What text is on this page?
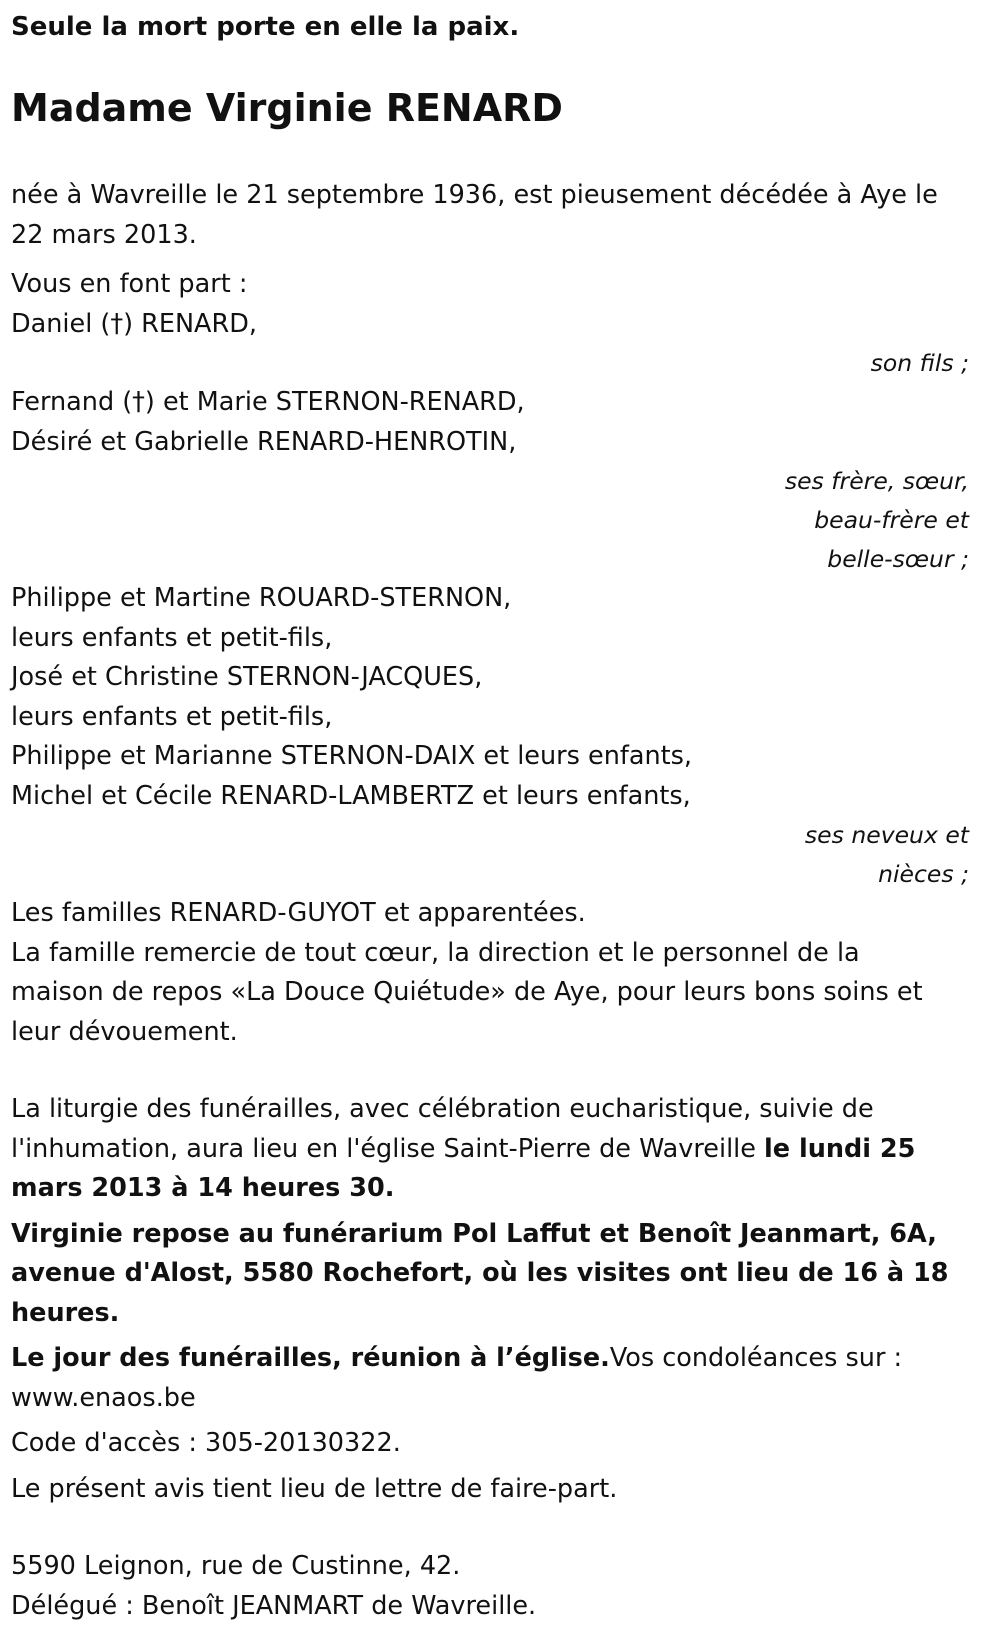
Seule la mort porte en elle la paix.

Madame Virginie RENARD
née à Wavreille le 21 septembre 1936, est pieusement décédée à Aye le
22 mars 2013.
Vous en font part :
Daniel (†) RENARD,
son fils ;
Fernand (†) et Marie STERNON-RENARD,
Désiré et Gabrielle RENARD-HENROTIN,
ses frère, sœur,
beau-frère et
belle-sœur ;
Philippe et Martine ROUARD-STERNON,
leurs enfants et petit-fils,
José et Christine STERNON-JACQUES,
leurs enfants et petit-fils,
Philippe et Marianne STERNON-DAIX et leurs enfants,
Michel et Cécile RENARD-LAMBERTZ et leurs enfants,
ses neveux et
nièces ;
Les familles RENARD-GUYOT et apparentées.
La famille remercie de tout cœur, la direction et le personnel de la
maison de repos «La Douce Quiétude» de Aye, pour leurs bons soins et
leur dévouement.
La liturgie des funérailles, avec célébration eucharistique, suivie de
l'inhumation, aura lieu en l'église Saint-Pierre de Wavreille le lundi 25
mars 2013 à 14 heures 30.
Virginie repose au funérarium Pol Laffut et Benoît Jeanmart, 6A,
avenue d'Alost, 5580 Rochefort, où les visites ont lieu de 16 à 18
heures.
Le jour des funérailles, réunion à l’église.Vos condoléances sur :
www.enaos.be
Code d'accès : 305-20130322.
Le présent avis tient lieu de lettre de faire-part.
5590 Leignon, rue de Custinne, 42.
Délégué : Benoît JEANMART de Wavreille.
